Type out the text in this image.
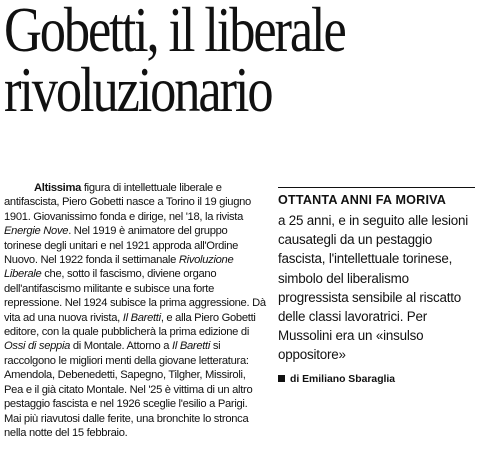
Gobetti, il liberale
rivoluzionario
Altissima figura di intellettuale liberale e antifascista, Piero Gobetti nasce a Torino il 19 giugno 1901. Giovanissimo fonda e dirige, nel '18, la rivista Energie Nove. Nel 1919 è animatore del gruppo torinese degli unitari e nel 1921 approda all'Ordine Nuovo. Nel 1922 fonda il settimanale Rivoluzione Liberale che, sotto il fascismo, diviene organo dell'antifascismo militante e subisce una forte repressione. Nel 1924 subisce la prima aggressione. Dà vita ad una nuova rivista, Il Baretti, e alla Piero Gobetti editore, con la quale pubblicherà la prima edizione di Ossi di seppia di Montale. Attorno a Il Baretti si raccolgono le migliori menti della giovane letteratura: Amendola, Debenedetti, Sapegno, Tilgher, Missiroli, Pea e il già citato Montale. Nel '25 è vittima di un altro pestaggio fascista e nel 1926 sceglie l'esilio a Parigi. Mai più riavutosi dalle ferite, una bronchite lo stronca nella notte del 15 febbraio.
OTTANTA ANNI FA MORIVA
a 25 anni, e in seguito alle lesioni causategli da un pestaggio fascista, l'intellettuale torinese, simbolo del liberalismo progressista sensibile al riscatto delle classi lavoratrici. Per Mussolini era un «insulso oppositore»
di Emiliano Sbaraglia
